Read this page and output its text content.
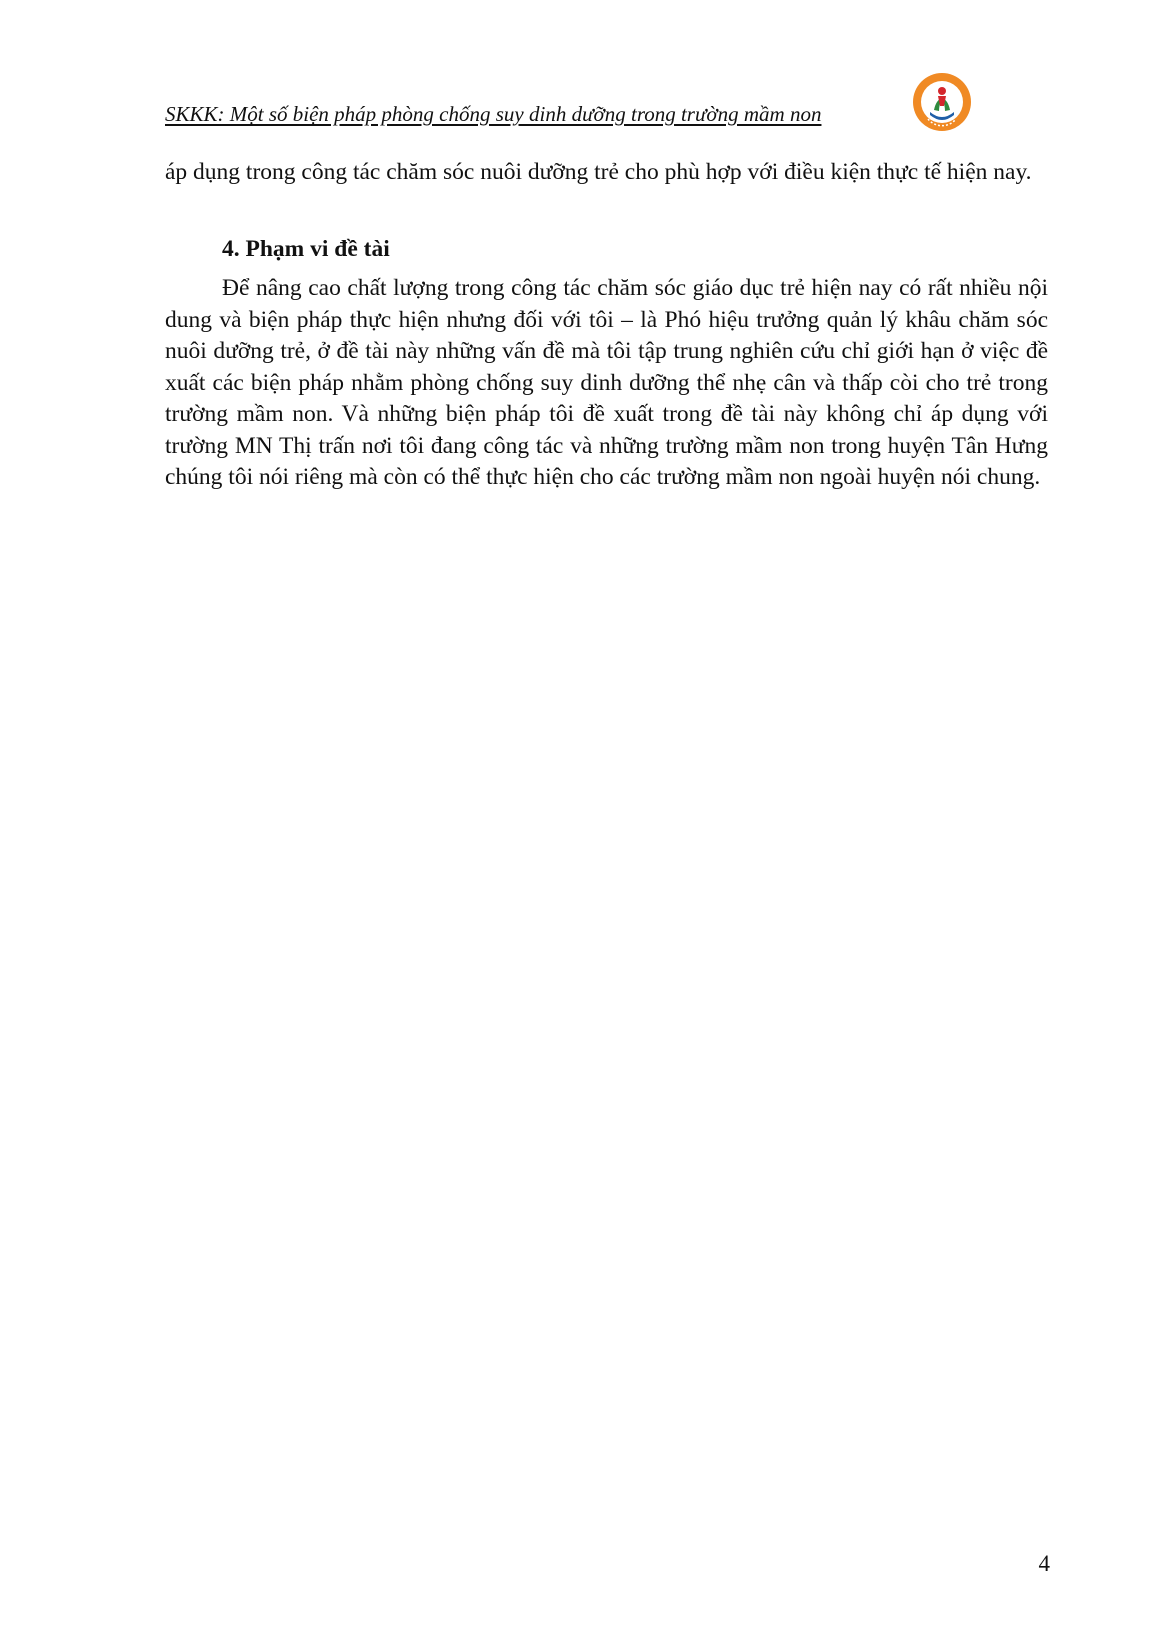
SKKK: Một số biện pháp phòng chống suy dinh dưỡng trong trường mầm non

áp dụng trong công tác chăm sóc nuôi dưỡng trẻ cho phù hợp với điều kiện thực tế hiện nay.

4. Phạm vi đề tài

Để nâng cao chất lượng trong công tác chăm sóc giáo dục trẻ hiện nay có rất nhiều nội dung và biện pháp thực hiện nhưng đối với tôi – là Phó hiệu trưởng quản lý khâu chăm sóc nuôi dưỡng trẻ, ở đề tài này những vấn đề mà tôi tập trung nghiên cứu chỉ giới hạn ở việc đề xuất các biện pháp nhằm phòng chống suy dinh dưỡng thể nhẹ cân và thấp còi cho trẻ trong trường mầm non. Và những biện pháp tôi đề xuất trong đề tài này không chỉ áp dụng với trường MN Thị trấn nơi tôi đang công tác và những trường mầm non trong huyện Tân Hưng chúng tôi nói riêng mà còn có thể thực hiện cho các trường mầm non ngoài huyện nói chung.

4
